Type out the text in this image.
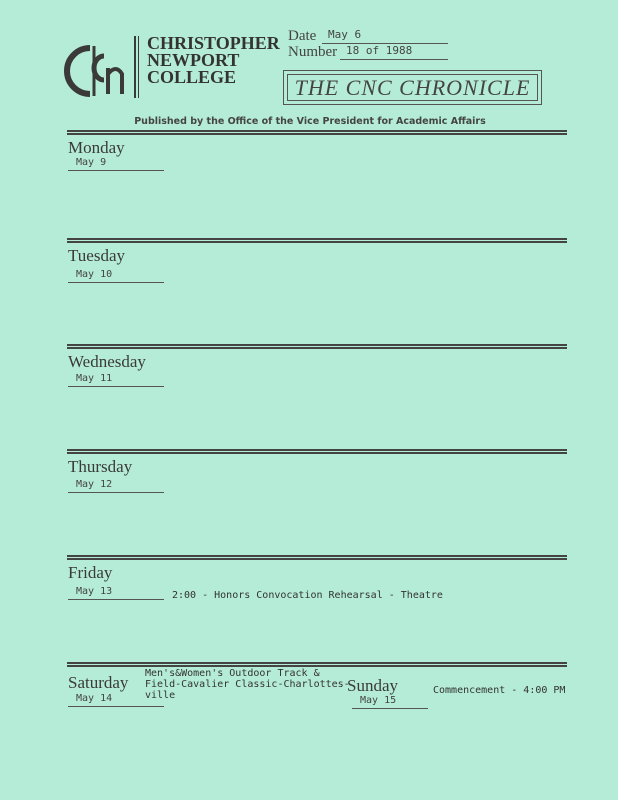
CHRISTOPHER
NEWPORT
COLLEGE
Date	May 6
Number 18 of 1988
THE CNC CHRONICLE
Published by the Office of the Vice President for Academic Affairs
Monday
May 9
Tuesday
May 10
Wednesday
May 11
Thursday
May 12
Friday
May 13	2:00 - Honors Convocation Rehearsal - Theatre
Saturday
May 14
Men's&Women's Outdoor Track &
Field-Cavalier Classic-Charlottes-
ville
Sunday
May 15
Commencement - 4:00 PM
